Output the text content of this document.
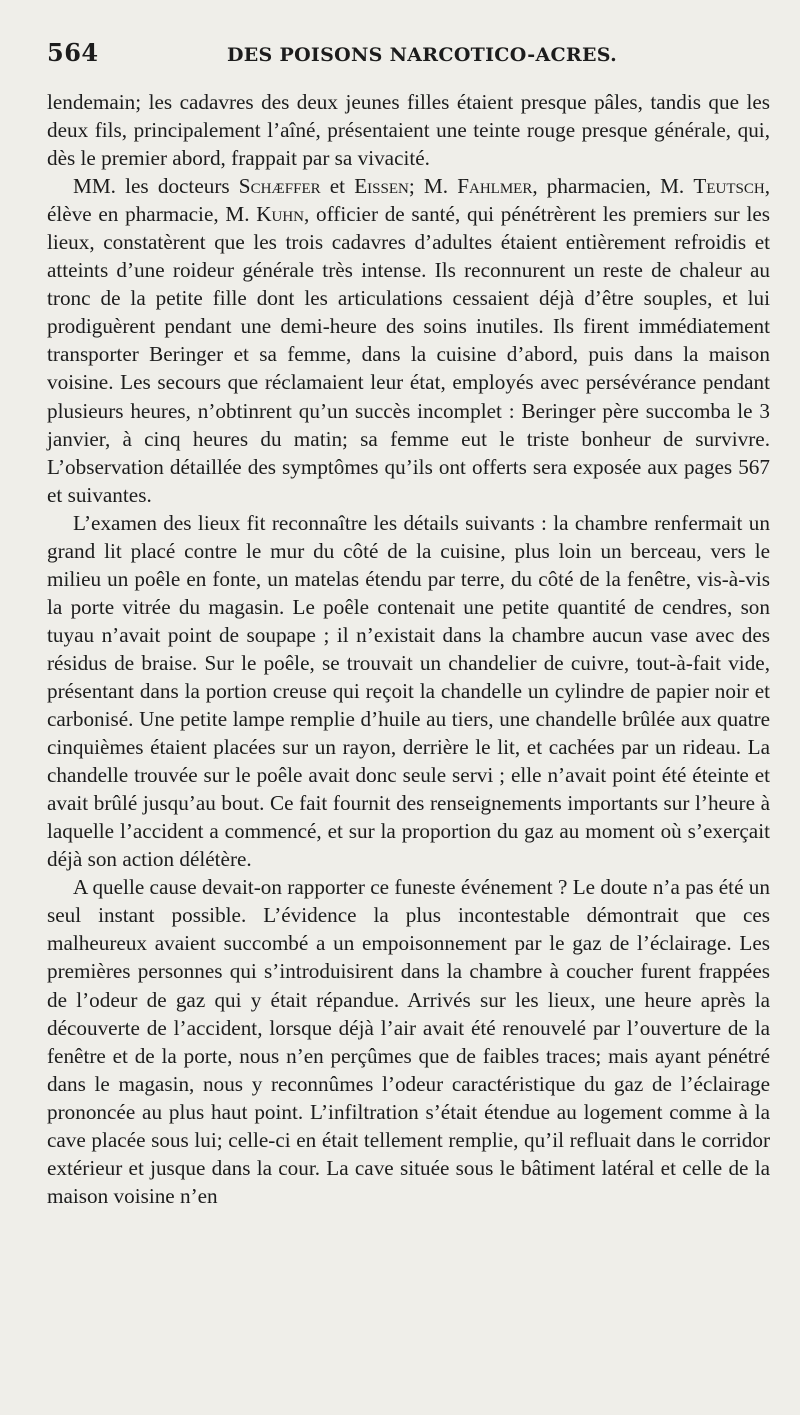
564	DES POISONS NARCOTICO-ACRES.

lendemain; les cadavres des deux jeunes filles étaient presque pâles, tandis que les deux fils, principalement l’aîné, présentaient une teinte rouge presque générale, qui, dès le premier abord, frappait par sa vivacité.

MM. les docteurs Schæffer et Eissen; M. Fahlmer, pharmacien, M. Teutsch, élève en pharmacie, M. Kuhn, officier de santé, qui pénétrèrent les premiers sur les lieux, constatèrent que les trois cadavres d’adultes étaient entièrement refroidis et atteints d’une roideur générale très intense. Ils reconnurent un reste de chaleur au tronc de la petite fille dont les articulations cessaient déjà d’être souples, et lui prodiguèrent pendant une demi-heure des soins inutiles. Ils firent immédiatement transporter Beringer et sa femme, dans la cuisine d’abord, puis dans la maison voisine. Les secours que réclamaient leur état, employés avec persévérance pendant plusieurs heures, n’obtinrent qu’un succès incomplet : Beringer père succomba le 3 janvier, à cinq heures du matin; sa femme eut le triste bonheur de survivre. L’observation détaillée des symptômes qu’ils ont offerts sera exposée aux pages 567 et suivantes.

L’examen des lieux fit reconnaître les détails suivants : la chambre renfermait un grand lit placé contre le mur du côté de la cuisine, plus loin un berceau, vers le milieu un poêle en fonte, un matelas étendu par terre, du côté de la fenêtre, vis-à-vis la porte vitrée du magasin. Le poêle contenait une petite quantité de cendres, son tuyau n’avait point de soupape ; il n’existait dans la chambre aucun vase avec des résidus de braise. Sur le poêle, se trouvait un chandelier de cuivre, tout-à-fait vide, présentant dans la portion creuse qui reçoit la chandelle un cylindre de papier noir et carbonisé. Une petite lampe remplie d’huile au tiers, une chandelle brûlée aux quatre cinquièmes étaient placées sur un rayon, derrière le lit, et cachées par un rideau. La chandelle trouvée sur le poêle avait donc seule servi ; elle n’avait point été éteinte et avait brûlé jusqu’au bout. Ce fait fournit des renseignements importants sur l’heure à laquelle l’accident a commencé, et sur la proportion du gaz au moment où s’exerçait déjà son action délétère.

A quelle cause devait-on rapporter ce funeste événement ? Le doute n’a pas été un seul instant possible. L’évidence la plus incontestable démontrait que ces malheureux avaient succombé a un empoisonnement par le gaz de l’éclairage. Les premières personnes qui s’introduisirent dans la chambre à coucher furent frappées de l’odeur de gaz qui y était répandue. Arrivés sur les lieux, une heure après la découverte de l’accident, lorsque déjà l’air avait été renouvelé par l’ouverture de la fenêtre et de la porte, nous n’en perçûmes que de faibles traces; mais ayant pénétré dans le magasin, nous y reconnûmes l’odeur caractéristique du gaz de l’éclairage prononcée au plus haut point. L’infiltration s’était étendue au logement comme à la cave placée sous lui; celle-ci en était tellement remplie, qu’il refluait dans le corridor extérieur et jusque dans la cour. La cave située sous le bâtiment latéral et celle de la maison voisine n’en
